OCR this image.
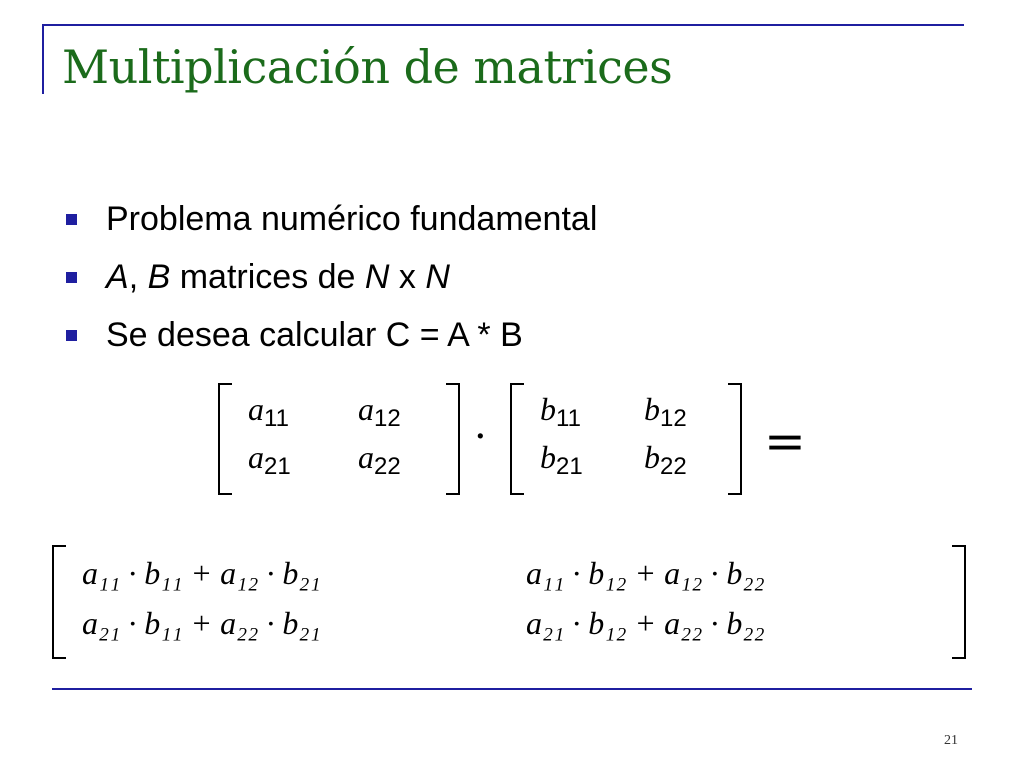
Multiplicación de matrices
Problema numérico fundamental
A , B matrices de N x N
Se desea calcular C = A * B
$a_{11}$ $a_{12}$
$a_{21}$ $a_{22}$
·
$b_{11}$ $b_{12}$
$b_{21}$ $b_{22}$ =
a₁₁ · b₁₁ + a₁₂ · b₂₁	a₁₁ · b₁₂ + a₁₂ · b₂₂
a₂₁ · b₁₁ + a₂₂ · b₂₁	a₂₁ · b₁₂ + a₂₂ · b₂₂
21
